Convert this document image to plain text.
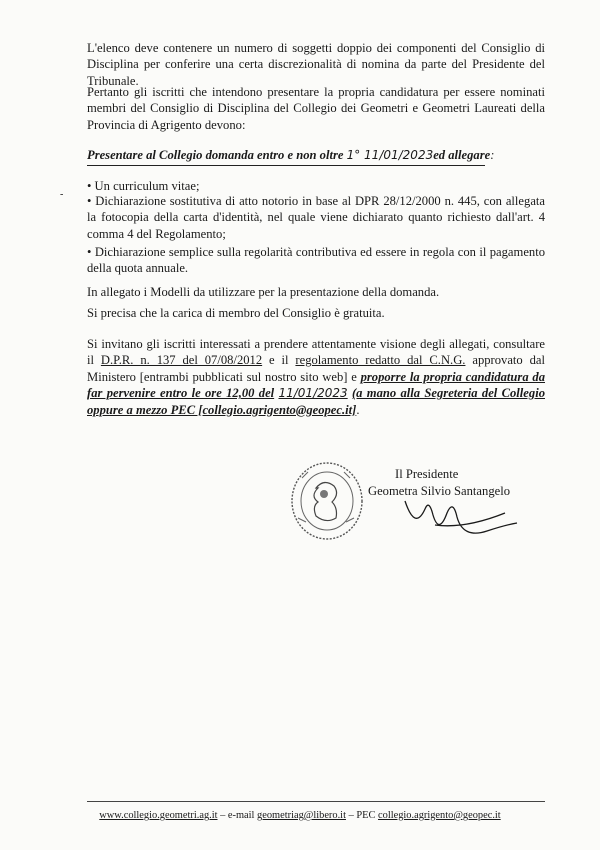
L'elenco deve contenere un numero di soggetti doppio dei componenti del Consiglio di Disciplina per conferire una certa discrezionalità di nomina da parte del Presidente del Tribunale.

Pertanto gli iscritti che intendono presentare la propria candidatura per essere nominati membri del Consiglio di Disciplina del Collegio dei Geometri e Geometri Laureati della Provincia di Agrigento devono:

Presentare al Collegio domanda entro e non oltre 1° 11/01/2023ed allegare:

-

• Un curriculum vitae;

• Dichiarazione sostitutiva di atto notorio in base al DPR 28/12/2000 n. 445, con allegata la fotocopia della carta d'identità, nel quale viene dichiarato quanto richiesto dall'art. 4 comma 4 del Regolamento;

• Dichiarazione semplice sulla regolarità contributiva ed essere in regola con il pagamento della quota annuale.

In allegato i Modelli da utilizzare per la presentazione della domanda.

Si precisa che la carica di membro del Consiglio è gratuita.

Si invitano gli iscritti interessati a prendere attentamente visione degli allegati, consultare il D.P.R. n. 137 del 07/08/2012 e il regolamento redatto dal C.N.G. approvato dal Ministero [entrambi pubblicati sul nostro sito web] e proporre la propria candidatura da far pervenire entro le ore 12,00 del 11/01/2023 (a mano alla Segreteria del Collegio oppure a mezzo PEC [collegio.agrigento@geopec.it].

Il Presidente
Geometra Silvio Santangelo
www.collegio.geometri.ag.it – e-mail geometriag@libero.it – PEC collegio.agrigento@geopec.it
